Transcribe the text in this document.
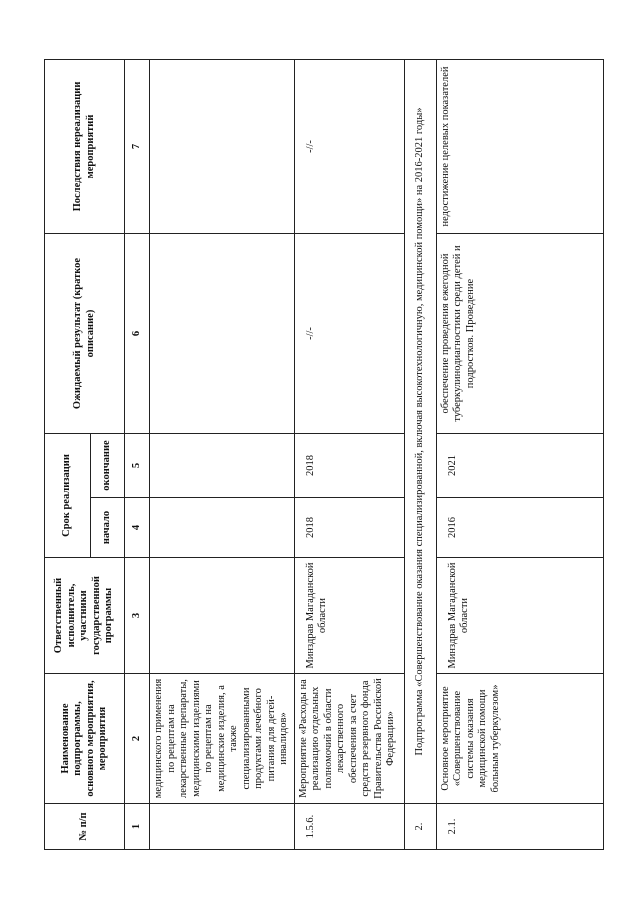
№ п/п	Наименование подпрограммы, основного мероприятия, мероприятия	Ответственный исполнитель, участники государственной программы	Срок реализации		Ожидаемый результат (краткое описание)	Последствия нереализации мероприятий
			начало	окончание		
1	2	3	4	5	6	7
	медицинского применения по рецептам на лекарственные препараты, медицинскими изделиями по рецептам на медицинские изделия, а также специализированными продуктами лечебного питания для детей-инвалидов»					
1.5.6.	Мероприятие «Расходы на реализацию отдельных полномочий в области лекарственного обеспечения за счет средств резервного фонда Правительства Российской Федерации»	Минздрав Магаданской области	2018	2018	-//-	-//-
2.	Подпрограмма «Совершенствование оказания специализированной, включая высокотехнологичную, медицинской помощи» на 2016-2021 годы»					
2.1.	Основное мероприятие «Совершенствование системы оказания медицинской помощи больным туберкулезом»	Минздрав Магаданской области	2016	2021	обеспечение проведения ежегодной туберкулинодиагностики среди детей и подростков. Проведение	недостижение целевых показателей
